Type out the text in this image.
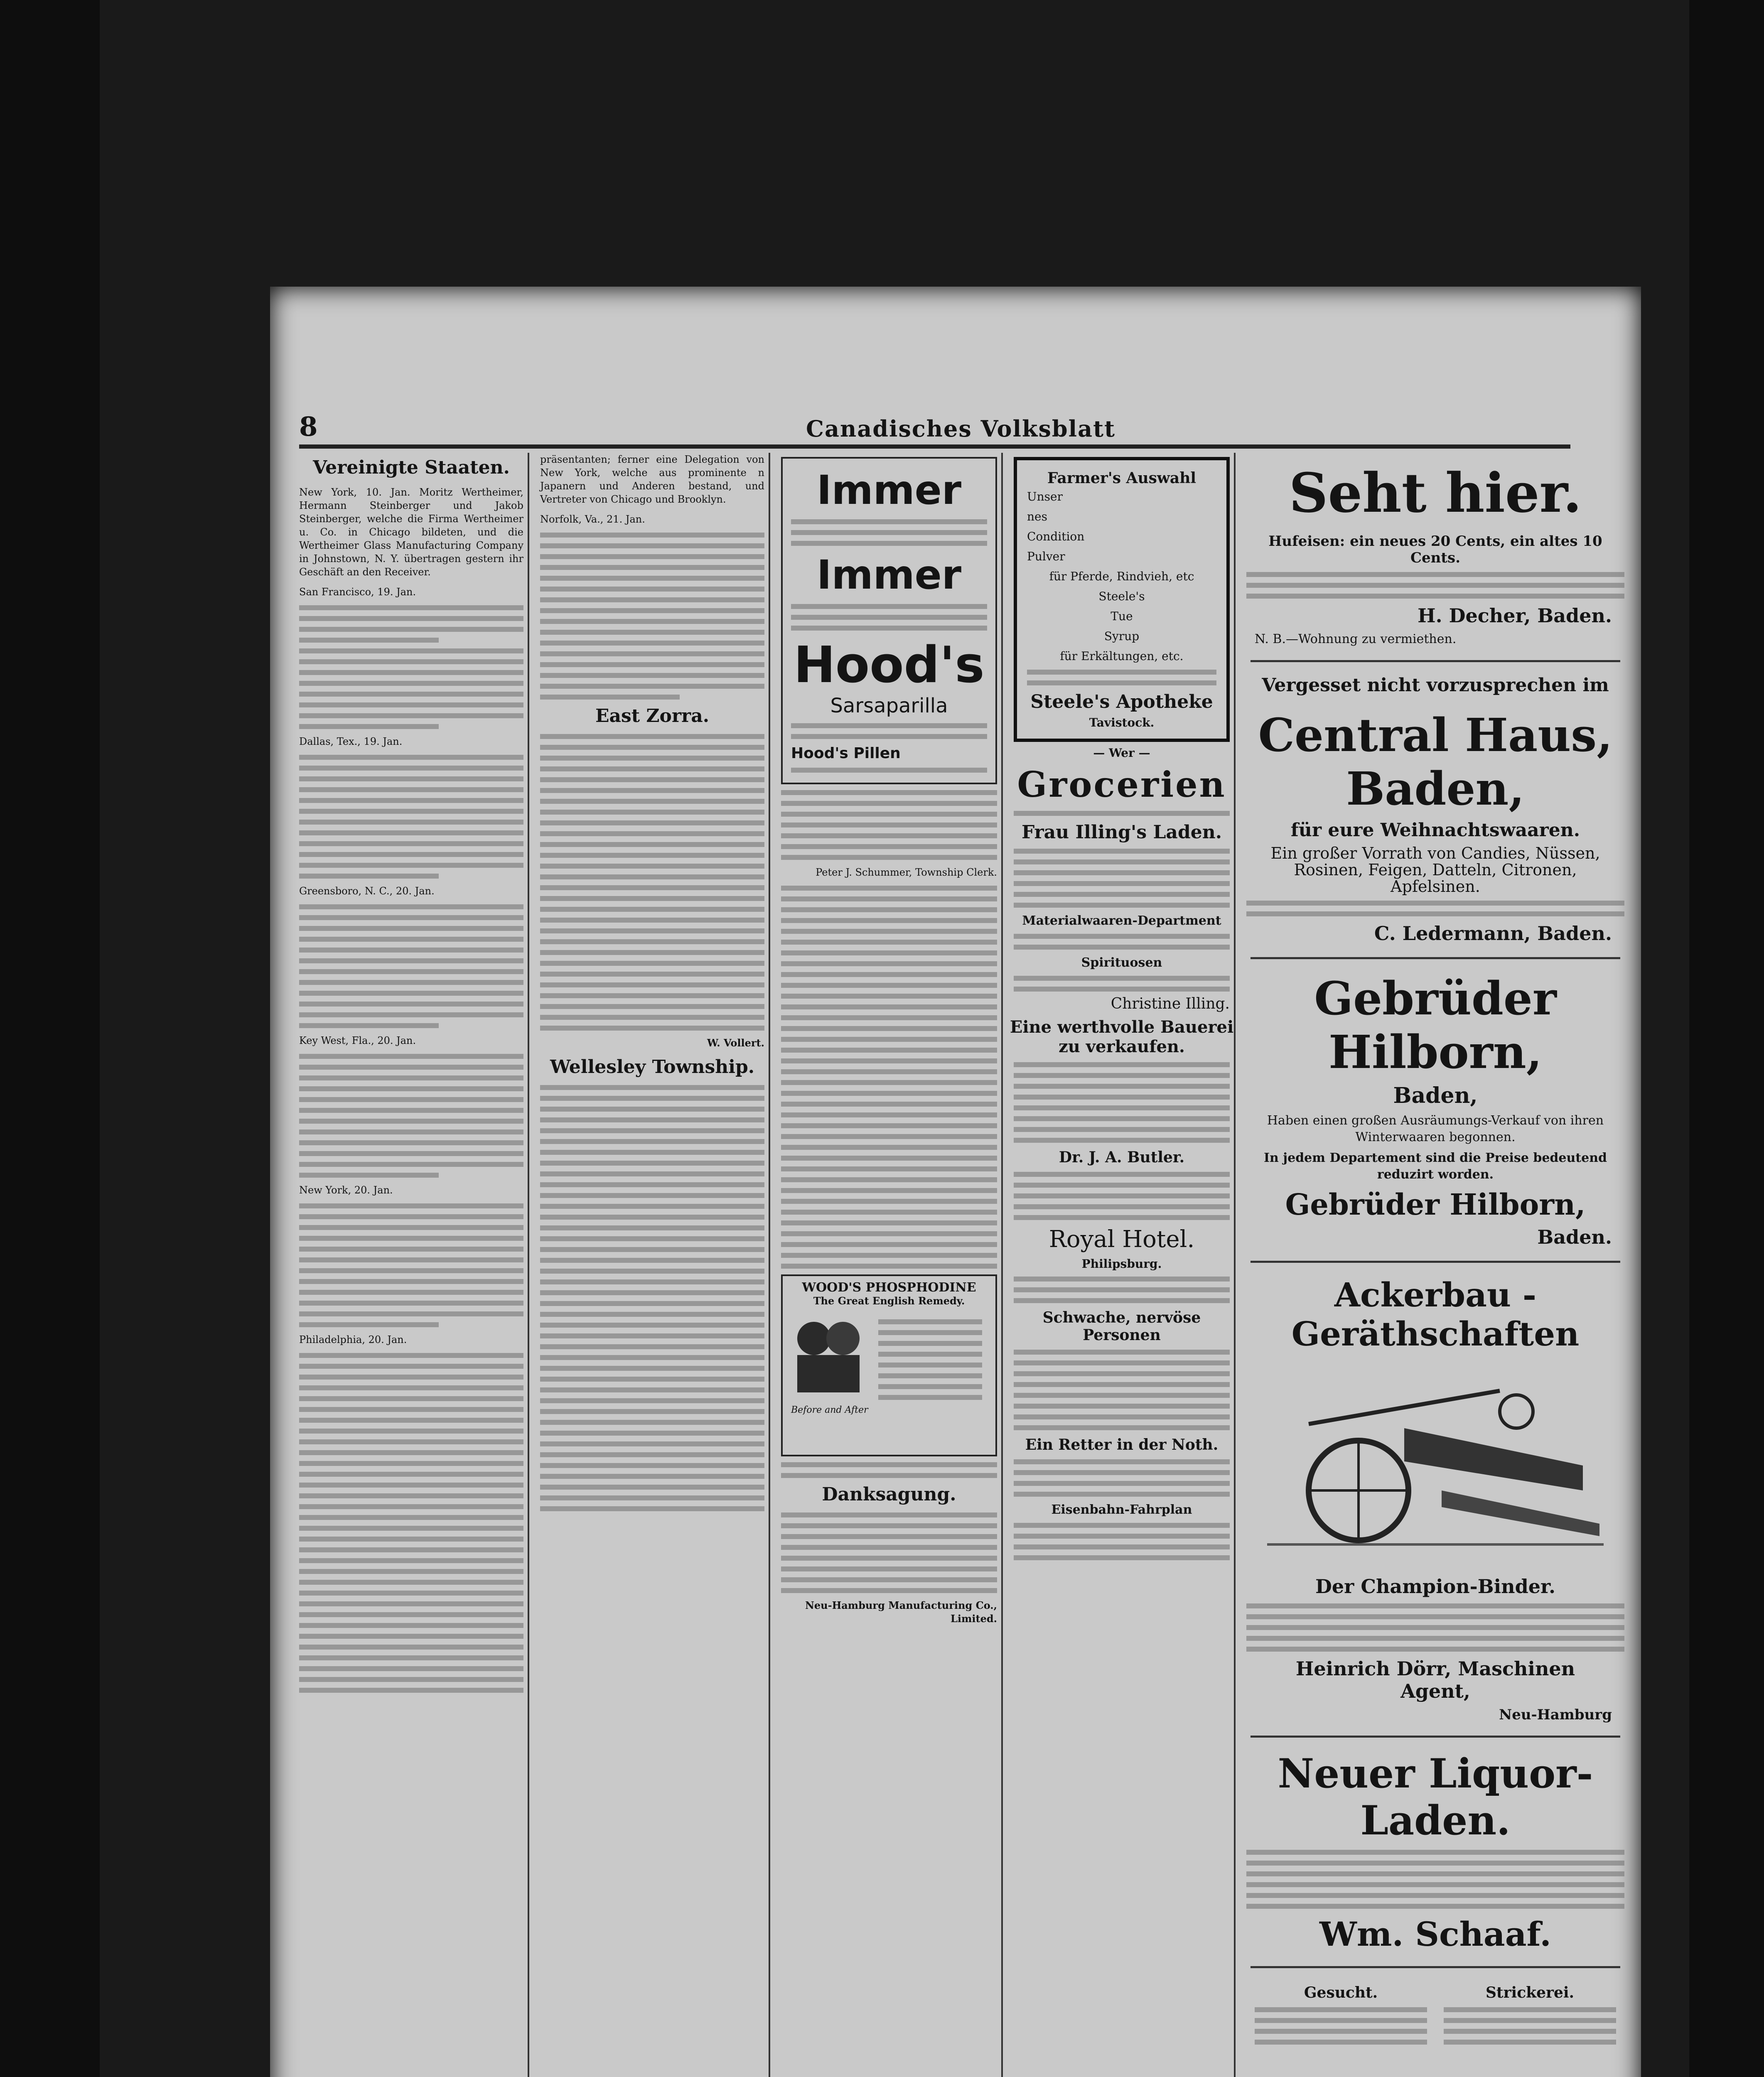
8	Canadisches Volksblatt
Vereinigte Staaten.
New York, 10. Jan. Moritz Wertheimer, Hermann Steinberger und Jakob Steinberger, welche die Firma Wertheimer u. Co. in Chicago bildeten, und die Wertheimer Glass Manufacturing Company in Johnstown, N. Y. übertragen gestern ihr Geschäft an den Receiver.
San Francisco, 19. Jan.
Dallas, Tex., 19. Jan.
Greensboro, N. C., 20. Jan.
Key West, Fla., 20. Jan.
New York, 20. Jan.
Philadelphia, 20. Jan.
präsentanten; ferner eine Delegation von New York, welche aus prominente n Japanern und Anderen bestand, und Vertreter von Chicago und Brooklyn.
Norfolk, Va., 21. Jan.
East Zorra.
W. Vollert.
Wellesley Township.
Immer
Immer
Hood's
Sarsaparilla
Hood's Pillen
Peter J. Schummer, Township Clerk.
WOOD'S PHOSPHODINE
The Great English Remedy.
Before and After
Danksagung.
Neu-Hamburg Manufacturing Co., Limited.
Farmer's Auswahl
Unser
nes
Condition
Pulver
für Pferde, Rindvieh, etc
Steele's
Tue
Syrup
für Erkältungen, etc.
Steele's Apotheke
Tavistock.
— Wer —
Grocerien
Frau Illing's Laden.
Materialwaaren-Department
Spirituosen
Christine Illing.
Eine werthvolle Bauerei zu verkaufen.
Dr. J. A. Butler.
Royal Hotel.
Philipsburg.
Schwache, nervöse Personen
Ein Retter in der Noth.
Eisenbahn-Fahrplan
Seht hier.
Hufeisen: ein neues 20 Cents, ein altes 10 Cents.
H. Decher, Baden.
N. B.—Wohnung zu vermiethen.
Vergesset nicht vorzusprechen im
Central Haus, Baden,
für eure Weihnachtswaaren.
Ein großer Vorrath von Candies, Nüssen, Rosinen, Feigen, Datteln, Citronen, Apfelsinen.
C. Ledermann, Baden.
Gebrüder Hilborn,
Baden,
Haben einen großen Ausräumungs-Verkauf von ihren Winterwaaren begonnen.
In jedem Departement sind die Preise bedeutend reduzirt worden.
Gebrüder Hilborn,
Baden.
Ackerbau - Geräthschaften
Der Champion-Binder.
Heinrich Dörr, Maschinen Agent,
Neu-Hamburg
Neuer Liquor-Laden.
Wm. Schaaf.
Gesucht.	Strickerei.
